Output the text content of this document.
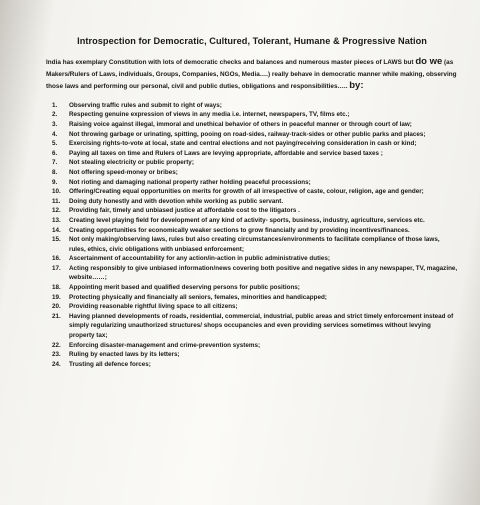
Introspection for Democratic, Cultured, Tolerant, Humane & Progressive Nation

India has exemplary Constitution with lots of democratic checks and balances and numerous master pieces of LAWS but do we (as Makers/Rulers of Laws, individuals, Groups, Companies, NGOs, Media….) really behave in democratic manner while making, observing those laws and performing our personal, civil and public duties, obligations and responsibilities….. by:

1. Observing traffic rules and submit to right of ways;
2. Respecting genuine expression of views in any media i.e. internet, newspapers, TV, films etc.;
3. Raising voice against illegal, immoral and unethical behavior of others in peaceful manner or through court of law;
4. Not throwing garbage or urinating, spitting, pooing on road-sides, railway-track-sides or other public parks and places;
5. Exercising rights-to-vote at local, state and central elections and not paying/receiving consideration in cash or kind;
6. Paying all taxes on time and Rulers of Laws are levying appropriate, affordable and service based taxes ;
7. Not stealing electricity or public property;
8. Not offering speed-money or bribes;
9. Not rioting and damaging national property rather holding peaceful processions;
10. Offering/Creating equal opportunities on merits for growth of all irrespective of caste, colour, religion, age and gender;
11. Doing duty honestly and with devotion while working as public servant.
12. Providing fair, timely and unbiased justice at affordable cost to the litigators .
13. Creating level playing field for development of any kind of activity- sports, business, industry, agriculture, services etc.
14. Creating opportunities for economically weaker sections to grow financially and by providing incentives/finances.
15. Not only making/observing laws, rules but also creating circumstances/environments to facilitate compliance of those laws, rules, ethics, civic obligations with unbiased enforcement;
16. Ascertainment of accountability for any action/in-action in public administrative duties;
17. Acting responsibly to give unbiased information/news covering both positive and negative sides in any newspaper, TV, magazine, website……;
18. Appointing merit based and qualified deserving persons for public positions;
19. Protecting physically and financially all seniors, females, minorities and handicapped;
20. Providing reasonable rightful living space to all citizens;
21. Having planned developments of roads, residential, commercial, industrial, public areas and strict timely enforcement instead of simply regularizing unauthorized structures/ shops occupancies and even providing services sometimes without levying property tax;
22. Enforcing disaster-management and crime-prevention systems;
23. Ruling by enacted laws by its letters;
24. Trusting all defence forces;
